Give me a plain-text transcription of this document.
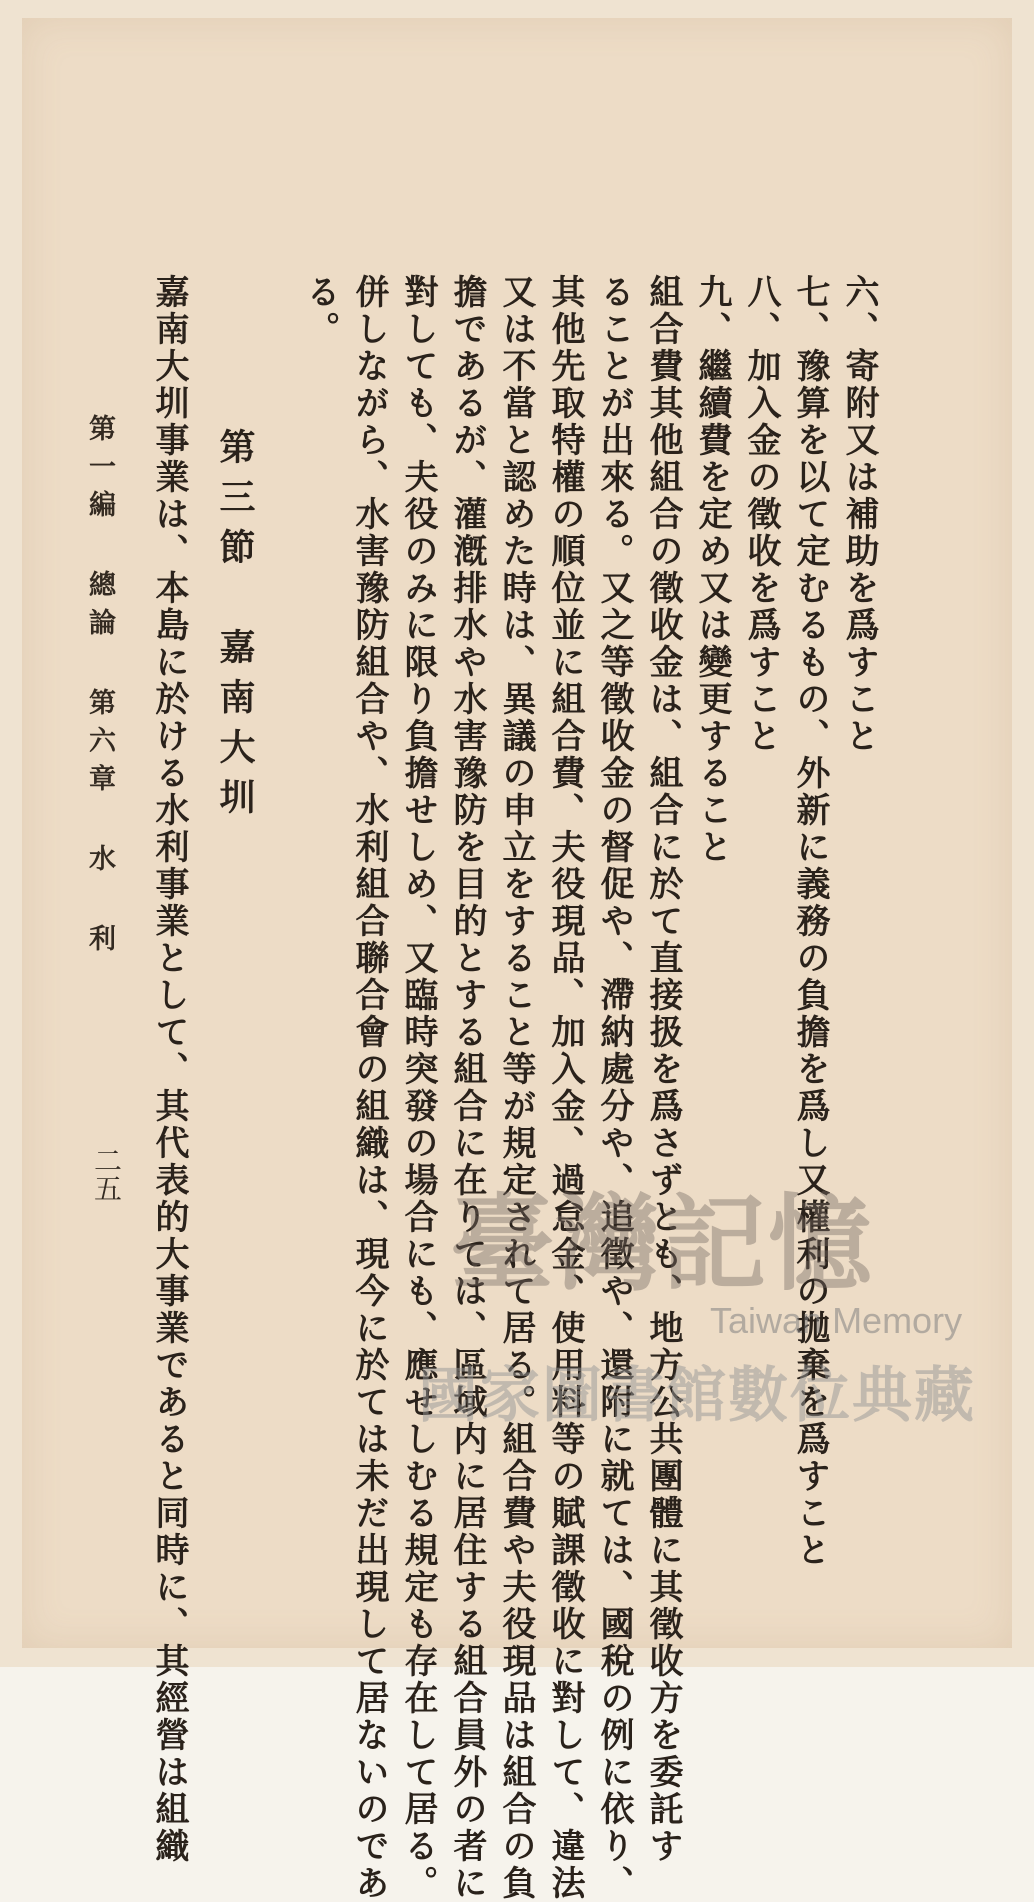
六、寄附又は補助を爲すこと

七、豫算を以て定むるもの、外新に義務の負擔を爲し又權利の拋棄を爲すこと

八、加入金の徵收を爲すこと

九、繼續費を定め又は變更すること

組合費其他組合の徵收金は、組合に於て直接扱を爲さずとも、地方公共團體に其徵收方を委託す

ることが出來る。又之等徵收金の督促や、滯納處分や、追徵や、還附に就ては、國稅の例に依り、

其他先取特權の順位並に組合費、夫役現品、加入金、過怠金、使用料等の賦課徵收に對して、違法

又は不當と認めた時は、異議の申立をすること等が規定されて居る。組合費や夫役現品は組合の負

擔であるが、灌漑排水や水害豫防を目的とする組合に在りては、區域内に居住する組合員外の者に

對しても、夫役のみに限り負擔せしめ、又臨時突發の場合にも、應せしむる規定も存在して居る。

併しながら、水害豫防組合や、水利組合聯合會の組織は、現今に於ては未だ出現して居ないのであ

る。

第三節　嘉南大圳

嘉南大圳事業は、本島に於ける水利事業として、其代表的大事業であると同時に、其經營は組織

第一編 總論 第六章 水 利

二五

臺灣記憶
Taiwan Memory
國家圖書館數位典藏
